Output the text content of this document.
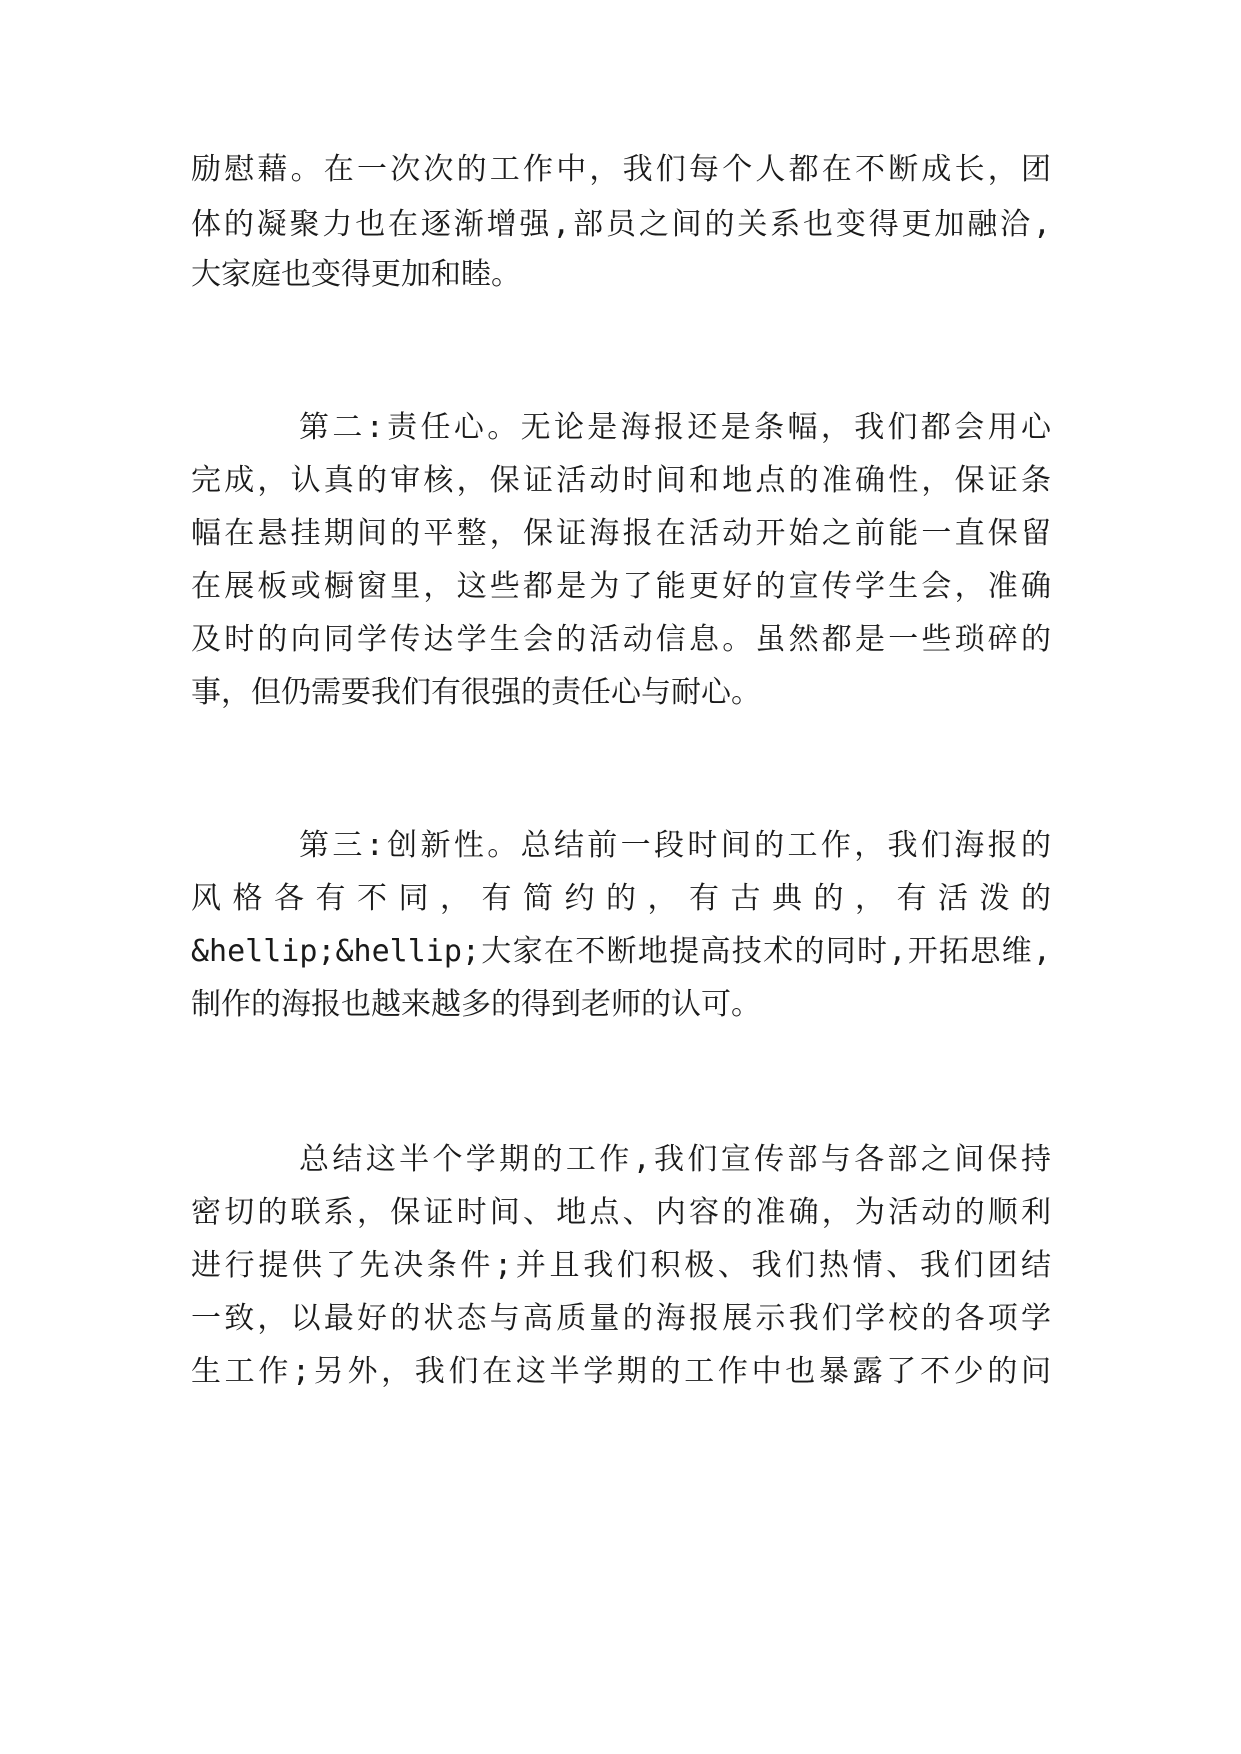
励慰藉。在一次次的工作中，我们每个人都在不断成长，团

体的凝聚力也在逐渐增强,部员之间的关系也变得更加融洽,

大家庭也变得更加和睦。

第二:责任心。无论是海报还是条幅，我们都会用心

完成，认真的审核，保证活动时间和地点的准确性，保证条

幅在悬挂期间的平整，保证海报在活动开始之前能一直保留

在展板或橱窗里，这些都是为了能更好的宣传学生会，准确

及时的向同学传达学生会的活动信息。虽然都是一些琐碎的

事，但仍需要我们有很强的责任心与耐心。

第三:创新性。总结前一段时间的工作，我们海报的

风格各有不同，有简约的，有古典的，有活泼的

&hellip;&hellip;大家在不断地提高技术的同时,开拓思维,

制作的海报也越来越多的得到老师的认可。

总结这半个学期的工作,我们宣传部与各部之间保持

密切的联系，保证时间、地点、内容的准确，为活动的顺利

进行提供了先决条件;并且我们积极、我们热情、我们团结

一致，以最好的状态与高质量的海报展示我们学校的各项学

生工作;另外，我们在这半学期的工作中也暴露了不少的问
